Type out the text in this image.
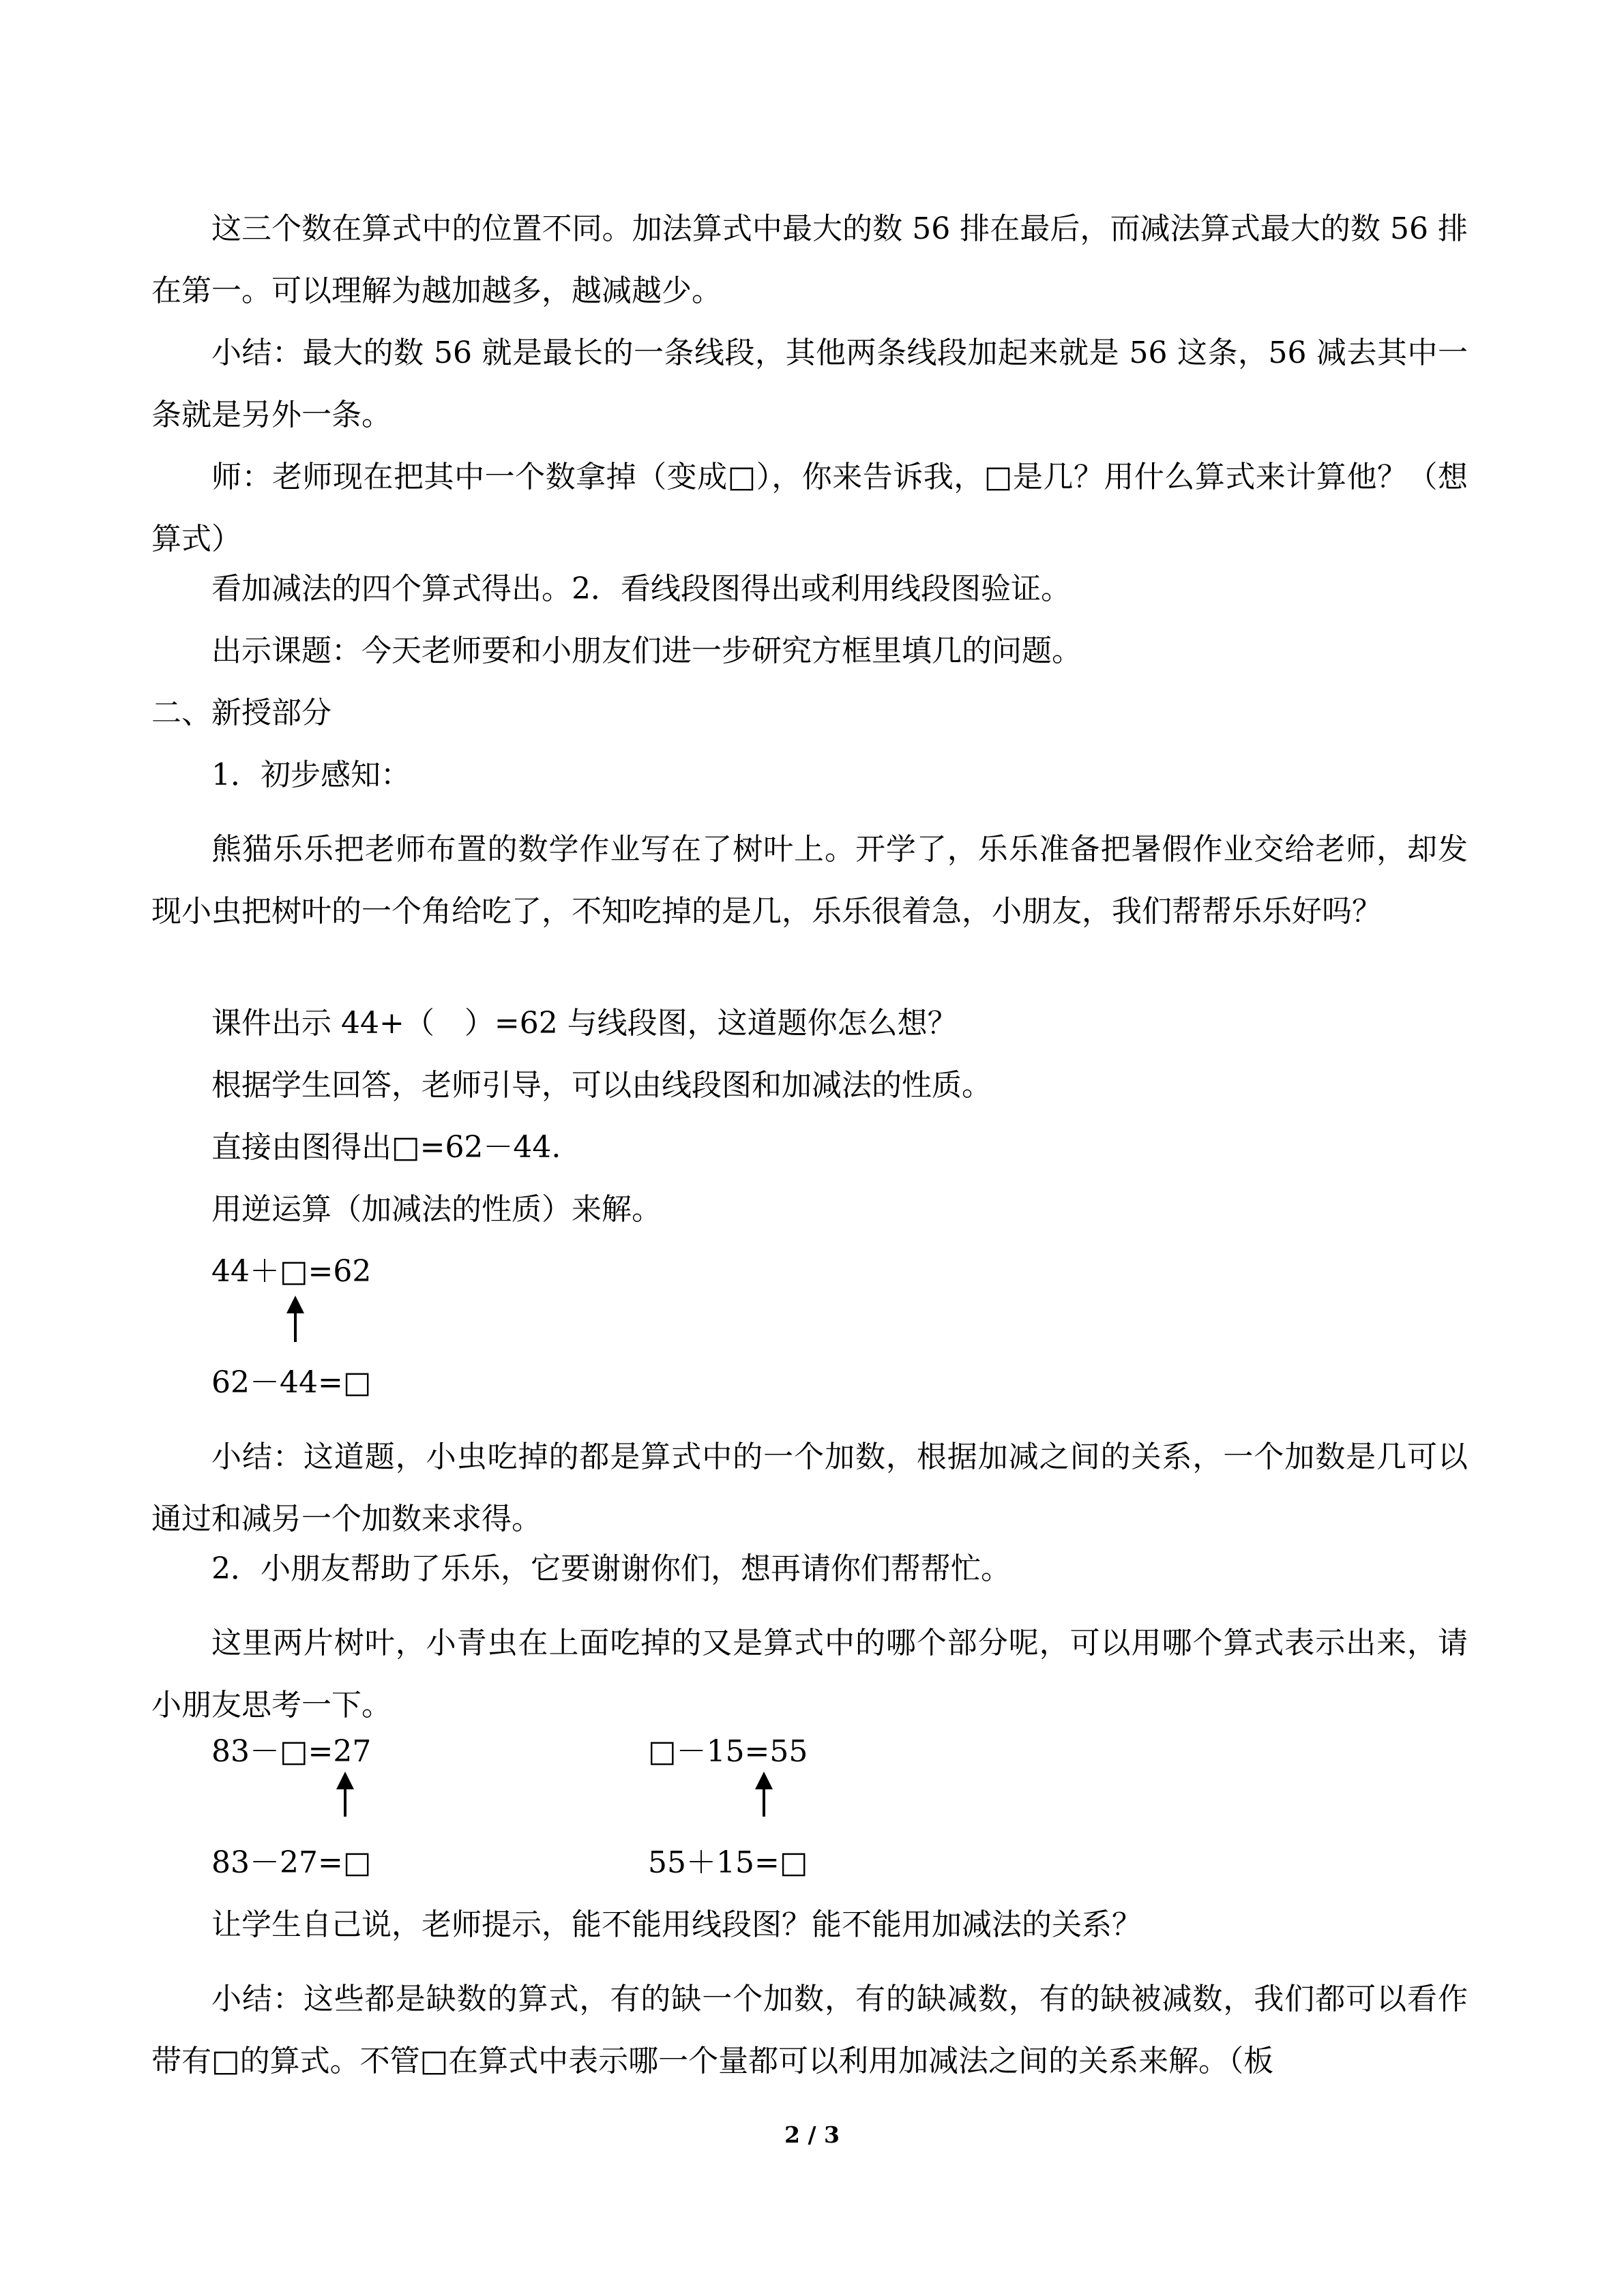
这三个数在算式中的位置不同。加法算式中最大的数 56 排在最后，而减法算式最大的数 56 排在第一。可以理解为越加越多，越减越少。
小结：最大的数 56 就是最长的一条线段，其他两条线段加起来就是 56 这条，56 减去其中一条就是另外一条。
师：老师现在把其中一个数拿掉（变成□），你来告诉我，□是几？用什么算式来计算他？（想算式）
看加减法的四个算式得出。2．看线段图得出或利用线段图验证。
出示课题：今天老师要和小朋友们进一步研究方框里填几的问题。
二、新授部分
1．初步感知：
熊猫乐乐把老师布置的数学作业写在了树叶上。开学了，乐乐准备把暑假作业交给老师，却发现小虫把树叶的一个角给吃了，不知吃掉的是几，乐乐很着急，小朋友，我们帮帮乐乐好吗？
课件出示 44+（　）=62 与线段图，这道题你怎么想？
根据学生回答，老师引导，可以由线段图和加减法的性质。
直接由图得出□=62－44.
用逆运算（加减法的性质）来解。
44＋□=62
62－44=□
小结：这道题，小虫吃掉的都是算式中的一个加数，根据加减之间的关系，一个加数是几可以通过和减另一个加数来求得。
2．小朋友帮助了乐乐，它要谢谢你们，想再请你们帮帮忙。
这里两片树叶，小青虫在上面吃掉的又是算式中的哪个部分呢，可以用哪个算式表示出来，请小朋友思考一下。
83－□=27
83－27=□
□－15=55
55＋15=□
让学生自己说，老师提示，能不能用线段图？能不能用加减法的关系？
小结：这些都是缺数的算式，有的缺一个加数，有的缺减数，有的缺被减数，我们都可以看作带有□的算式。不管□在算式中表示哪一个量都可以利用加减法之间的关系来解。（板
2 / 3
